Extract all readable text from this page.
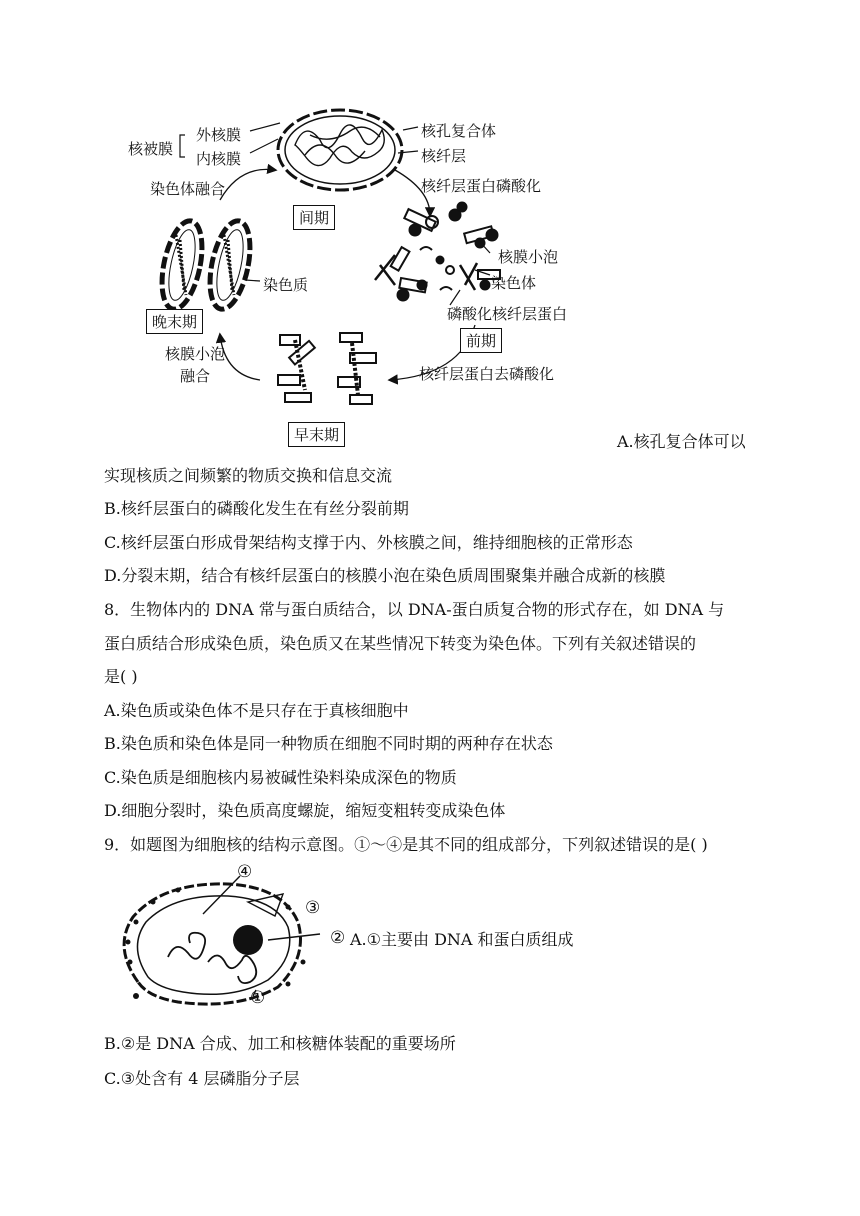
核被膜
外核膜
内核膜
核孔复合体
核纤层
核纤层蛋白磷酸化
染色体融合
间期
核膜小泡
染色体
磷酸化核纤层蛋白
前期
染色质
晚末期
核膜小泡
融合	核纤层蛋白去磷酸化
早末期	A.核孔复合体可以
实现核质之间频繁的物质交换和信息交流
B.核纤层蛋白的磷酸化发生在有丝分裂前期
C.核纤层蛋白形成骨架结构支撑于内、外核膜之间，维持细胞核的正常形态
D.分裂末期，结合有核纤层蛋白的核膜小泡在染色质周围聚集并融合成新的核膜
8．生物体内的 DNA 常与蛋白质结合，以 DNA-蛋白质复合物的形式存在，如 DNA 与
蛋白质结合形成染色质，染色质又在某些情况下转变为染色体。下列有关叙述错误的
是( )
A.染色质或染色体不是只存在于真核细胞中
B.染色质和染色体是同一种物质在细胞不同时期的两种存在状态
C.染色质是细胞核内易被碱性染料染成深色的物质
D.细胞分裂时，染色质高度螺旋，缩短变粗转变成染色体
9．如题图为细胞核的结构示意图。①～④是其不同的组成部分，下列叙述错误的是( )
④
③
②
①
A.①主要由 DNA 和蛋白质组成
B.②是 DNA 合成、加工和核糖体装配的重要场所
C.③处含有 4 层磷脂分子层
